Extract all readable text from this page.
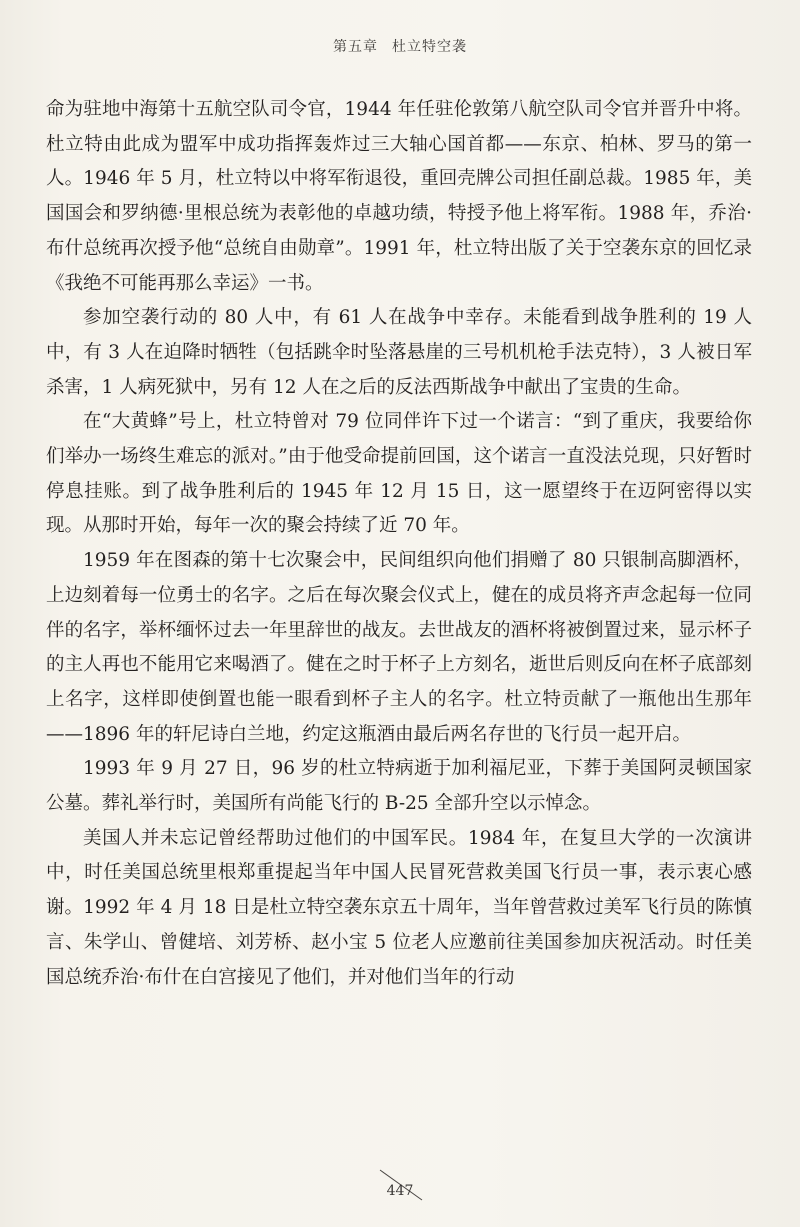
第五章 杜立特空袭

命为驻地中海第十五航空队司令官，1944 年任驻伦敦第八航空队司令官并晋升中将。杜立特由此成为盟军中成功指挥轰炸过三大轴心国首都——东京、柏林、罗马的第一人。1946 年 5 月，杜立特以中将军衔退役，重回壳牌公司担任副总裁。1985 年，美国国会和罗纳德·里根总统为表彰他的卓越功绩，特授予他上将军衔。1988 年，乔治·布什总统再次授予他“总统自由勋章”。1991 年，杜立特出版了关于空袭东京的回忆录《我绝不可能再那么幸运》一书。

参加空袭行动的 80 人中，有 61 人在战争中幸存。未能看到战争胜利的 19 人中，有 3 人在迫降时牺牲（包括跳伞时坠落悬崖的三号机机枪手法克特），3 人被日军杀害，1 人病死狱中，另有 12 人在之后的反法西斯战争中献出了宝贵的生命。

在“大黄蜂”号上，杜立特曾对 79 位同伴许下过一个诺言：“到了重庆，我要给你们举办一场终生难忘的派对。”由于他受命提前回国，这个诺言一直没法兑现，只好暂时停息挂账。到了战争胜利后的 1945 年 12 月 15 日，这一愿望终于在迈阿密得以实现。从那时开始，每年一次的聚会持续了近 70 年。

1959 年在图森的第十七次聚会中，民间组织向他们捐赠了 80 只银制高脚酒杯，上边刻着每一位勇士的名字。之后在每次聚会仪式上，健在的成员将齐声念起每一位同伴的名字，举杯缅怀过去一年里辞世的战友。去世战友的酒杯将被倒置过来，显示杯子的主人再也不能用它来喝酒了。健在之时于杯子上方刻名，逝世后则反向在杯子底部刻上名字，这样即使倒置也能一眼看到杯子主人的名字。杜立特贡献了一瓶他出生那年——1896 年的轩尼诗白兰地，约定这瓶酒由最后两名存世的飞行员一起开启。

1993 年 9 月 27 日，96 岁的杜立特病逝于加利福尼亚，下葬于美国阿灵顿国家公墓。葬礼举行时，美国所有尚能飞行的 B-25 全部升空以示悼念。

美国人并未忘记曾经帮助过他们的中国军民。1984 年，在复旦大学的一次演讲中，时任美国总统里根郑重提起当年中国人民冒死营救美国飞行员一事，表示衷心感谢。1992 年 4 月 18 日是杜立特空袭东京五十周年，当年曾营救过美军飞行员的陈慎言、朱学山、曾健培、刘芳桥、赵小宝 5 位老人应邀前往美国参加庆祝活动。时任美国总统乔治·布什在白宫接见了他们，并对他们当年的行动

447
